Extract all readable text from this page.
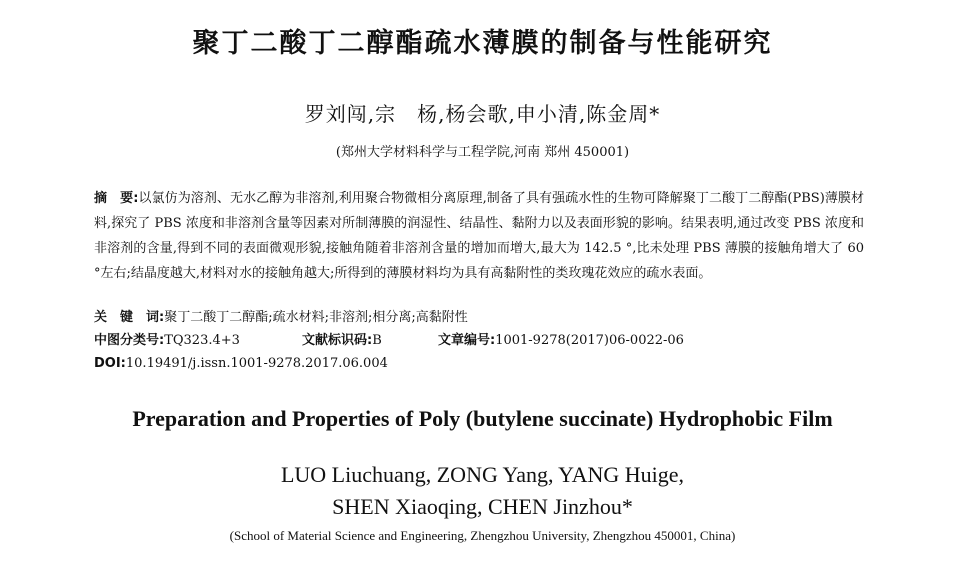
聚丁二酸丁二醇酯疏水薄膜的制备与性能研究
罗刘闯,宗　杨,杨会歌,申小清,陈金周*
(郑州大学材料科学与工程学院,河南 郑州 450001)
摘　要:以氯仿为溶剂、无水乙醇为非溶剂,利用聚合物微相分离原理,制备了具有强疏水性的生物可降解聚丁二酸丁二醇酯(PBS)薄膜材料,探究了 PBS 浓度和非溶剂含量等因素对所制薄膜的润湿性、结晶性、黏附力以及表面形貌的影响。结果表明,通过改变 PBS 浓度和非溶剂的含量,得到不同的表面微观形貌,接触角随着非溶剂含量的增加而增大,最大为 142.5 °,比未处理 PBS 薄膜的接触角增大了 60 °左右;结晶度越大,材料对水的接触角越大;所得到的薄膜材料均为具有高黏附性的类玫瑰花效应的疏水表面。
关　键　词:聚丁二酸丁二醇酯;疏水材料;非溶剂;相分离;高黏附性
中图分类号:TQ323.4+3	文献标识码:B	文章编号:1001-9278(2017)06-0022-06
DOI:10.19491/j.issn.1001-9278.2017.06.004
Preparation and Properties of Poly (butylene succinate) Hydrophobic Film
LUO Liuchuang, ZONG Yang, YANG Huige,
SHEN Xiaoqing, CHEN Jinzhou*
(School of Material Science and Engineering, Zhengzhou University, Zhengzhou 450001, China)
